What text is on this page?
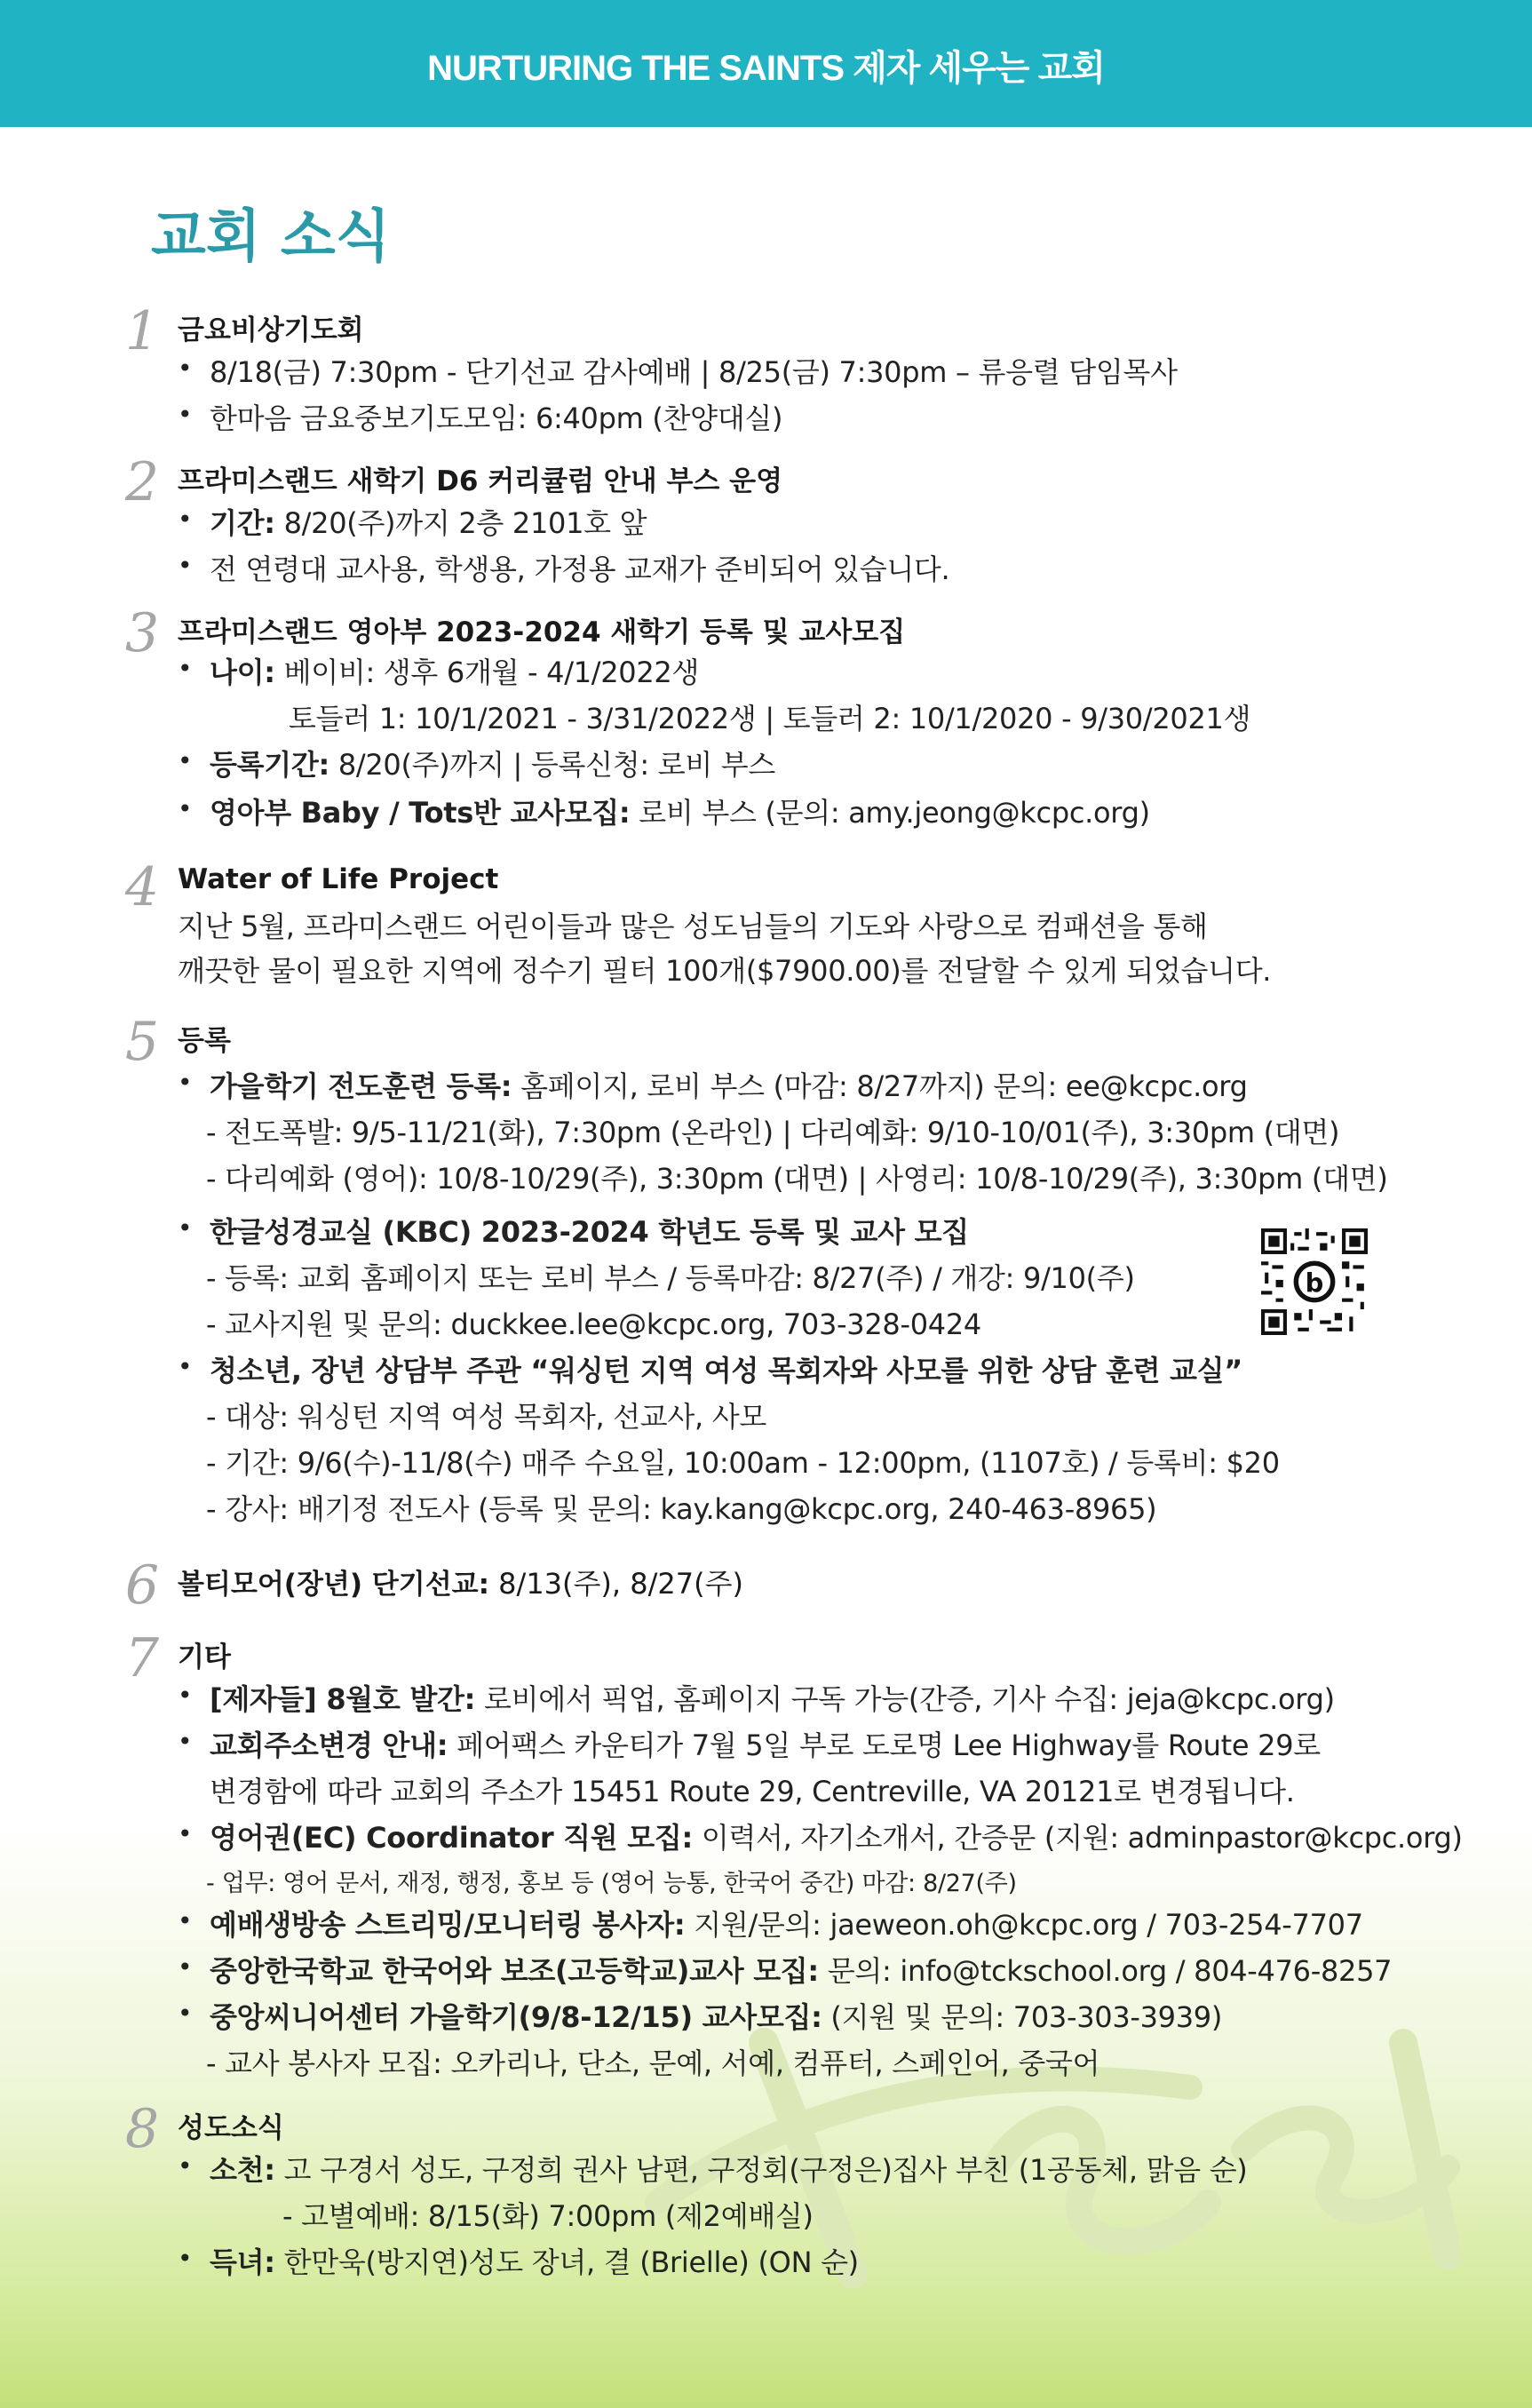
NURTURING THE SAINTS 제자 세우는 교회
교회 소식
1 금요비상기도회
• 8/18(금) 7:30pm - 단기선교 감사예배 | 8/25(금) 7:30pm – 류응렬 담임목사
• 한마음 금요중보기도모임: 6:40pm (찬양대실)
2 프라미스랜드 새학기 D6 커리큘럼 안내 부스 운영
• 기간: 8/20(주)까지 2층 2101호 앞
• 전 연령대 교사용, 학생용, 가정용 교재가 준비되어 있습니다.
3 프라미스랜드 영아부 2023-2024 새학기 등록 및 교사모집
• 나이: 베이비: 생후 6개월 - 4/1/2022생
토들러 1: 10/1/2021 - 3/31/2022생 | 토들러 2: 10/1/2020 - 9/30/2021생
• 등록기간: 8/20(주)까지 | 등록신청: 로비 부스
• 영아부 Baby / Tots반 교사모집: 로비 부스 (문의: amy.jeong@kcpc.org)
4 Water of Life Project
지난 5월, 프라미스랜드 어린이들과 많은 성도님들의 기도와 사랑으로 컴패션을 통해
깨끗한 물이 필요한 지역에 정수기 필터 100개($7900.00)를 전달할 수 있게 되었습니다.
5 등록
• 가을학기 전도훈련 등록: 홈페이지, 로비 부스 (마감: 8/27까지) 문의: ee@kcpc.org
- 전도폭발: 9/5-11/21(화), 7:30pm (온라인) | 다리예화: 9/10-10/01(주), 3:30pm (대면)
- 다리예화 (영어): 10/8-10/29(주), 3:30pm (대면) | 사영리: 10/8-10/29(주), 3:30pm (대면)
• 한글성경교실 (KBC) 2023-2024 학년도 등록 및 교사 모집
- 등록: 교회 홈페이지 또는 로비 부스 / 등록마감: 8/27(주) / 개강: 9/10(주)
- 교사지원 및 문의: duckkee.lee@kcpc.org, 703-328-0424
• 청소년, 장년 상담부 주관 “워싱턴 지역 여성 목회자와 사모를 위한 상담 훈련 교실”
- 대상: 워싱턴 지역 여성 목회자, 선교사, 사모
- 기간: 9/6(수)-11/8(수) 매주 수요일, 10:00am - 12:00pm, (1107호) / 등록비: $20
- 강사: 배기정 전도사 (등록 및 문의: kay.kang@kcpc.org, 240-463-8965)
b
6 볼티모어(장년) 단기선교: 8/13(주), 8/27(주)
7 기타
• [제자들] 8월호 발간: 로비에서 픽업, 홈페이지 구독 가능(간증, 기사 수집: jeja@kcpc.org)
• 교회주소변경 안내: 페어팩스 카운티가 7월 5일 부로 도로명 Lee Highway를 Route 29로
변경함에 따라 교회의 주소가 15451 Route 29, Centreville, VA 20121로 변경됩니다.
• 영어권(EC) Coordinator 직원 모집: 이력서, 자기소개서, 간증문 (지원: adminpastor@kcpc.org)
- 업무: 영어 문서, 재정, 행정, 홍보 등 (영어 능통, 한국어 중간) 마감: 8/27(주)
• 예배생방송 스트리밍/모니터링 봉사자: 지원/문의: jaeweon.oh@kcpc.org / 703-254-7707
• 중앙한국학교 한국어와 보조(고등학교)교사 모집: 문의: info@tckschool.org / 804-476-8257
• 중앙씨니어센터 가을학기(9/8-12/15) 교사모집: (지원 및 문의: 703-303-3939)
- 교사 봉사자 모집: 오카리나, 단소, 문예, 서예, 컴퓨터, 스페인어, 중국어
8 성도소식
• 소천: 고 구경서 성도, 구정희 권사 남편, 구정회(구정은)집사 부친 (1공동체, 맑음 순)
- 고별예배: 8/15(화) 7:00pm (제2예배실)
• 득녀: 한만욱(방지연)성도 장녀, 결 (Brielle) (ON 순)
